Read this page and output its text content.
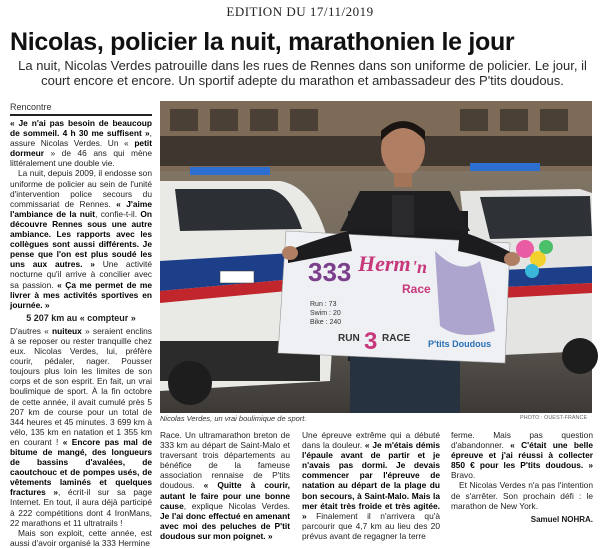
EDITION DU 17/11/2019
Nicolas, policier la nuit, marathonien le jour
La nuit, Nicolas Verdes patrouille dans les rues de Rennes dans son uniforme de policier. Le jour, il court encore et encore. Un sportif adepte du marathon et ambassadeur des P'tits doudous.
Rencontre

« Je n'ai pas besoin de beaucoup de sommeil. 4 h 30 me suffisent », assure Nicolas Verdes. Un « petit dormeur » de 46 ans qui mène littéralement une double vie.

La nuit, depuis 2009, il endosse son uniforme de policier au sein de l'unité d'intervention police secours du commissariat de Rennes. « J'aime l'ambiance de la nuit, confie-t-il. On découvre Rennes sous une autre ambiance. Les rapports avec les collègues sont aussi différents. Je pense que l'on est plus soudé les uns aux autres. » Une activité nocturne qu'il arrive à concilier avec sa passion. « Ça me permet de me livrer à mes activités sportives en journée. »

5 207 km au « compteur »

D'autres « nuiteux » seraient enclins à se reposer ou rester tranquille chez eux. Nicolas Verdes, lui, préfère courir, pédaler, nager. Pousser toujours plus loin les limites de son corps et de son esprit. En fait, un vrai boulimique de sport. À la fin octobre de cette année, il avait cumulé près 5 207 km de course pour un total de 344 heures et 45 minutes. 3 699 km à vélo, 135 km en natation et 1 355 km en courant ! « Encore pas mal de bitume de mangé, des longueurs de bassins d'avalées, de caoutchouc et de pompes usés, de vêtements laminés et quelques fractures », écrit-il sur sa page Internet. En tout, il aura déjà participé à 222 compétitions dont 4 IronMans, 22 marathons et 11 ultratrails !

Mais son exploit, cette année, est aussi d'avoir organisé la 333 Hermine

333 Herm 'n
Race
Run : 73
Swim : 20
Bike : 240
RUN 3 RACE P'tits Doudous
Nicolas Verdes, un vrai boulimique de sport.	PHOTO : OUEST-FRANCE

Race. Un ultramarathon breton de 333 km au départ de Saint-Malo et traversant trois départements au bénéfice de la fameuse association rennaise de P'tits doudous. « Quitte à courir, autant le faire pour une bonne cause, explique Nicolas Verdes. Je l'ai donc effectué en amenant avec moi des peluches de P'tit doudous sur mon poignet. »

Une épreuve extrême qui a débuté dans la douleur. « Je m'étais démis l'épaule avant de partir et je n'avais pas dormi. Je devais commencer par l'épreuve de natation au départ de la plage du bon secours, à Saint-Malo. Mais la mer était très froide et très agitée. » Finalement il n'arrivera qu'à parcourir que 4,7 km au lieu des 20 prévus avant de regagner la terre

ferme. Mais pas question d'abandonner. « C'était une belle épreuve et j'ai réussi à collecter 850 € pour les P'tits doudous. » Bravo.

Et Nicolas Verdes n'a pas l'intention de s'arrêter. Son prochain défi : le marathon de New York.

Samuel NOHRA.
